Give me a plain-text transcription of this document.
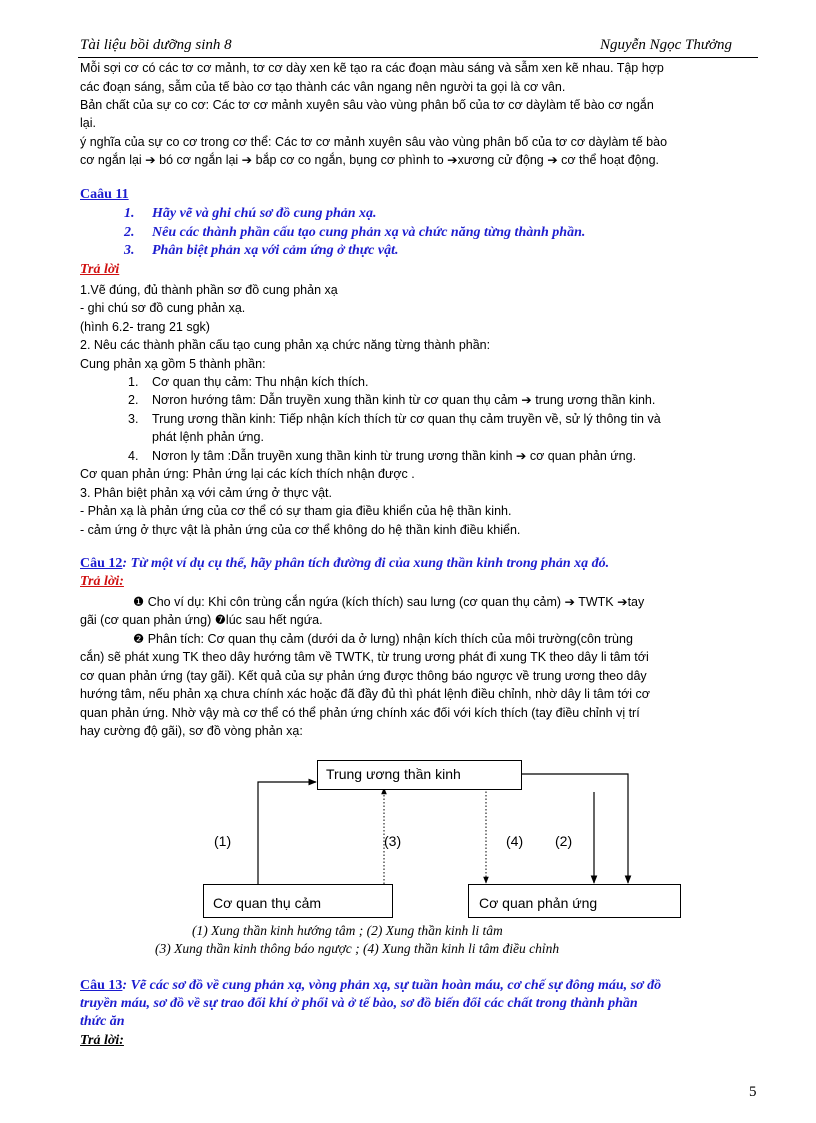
Tài liệu bồi dưỡng sinh 8	Nguyễn Ngọc Thưởng
Mỗi sợi cơ có các tơ cơ mảnh, tơ cơ dày xen kẽ tạo ra các đoạn màu sáng và sẫm xen kẽ nhau. Tập hợp
các đoạn sáng, sẫm của tế bào cơ tạo thành các vân ngang nên người ta gọi là cơ vân.
Bản chất của sự co cơ: Các tơ cơ mảnh xuyên sâu vào vùng phân bố của tơ cơ dàylàm tế bào cơ ngắn
lại.
ý nghĩa của sự co cơ trong cơ thể: Các tơ cơ mảnh xuyên sâu vào vùng phân bố của tơ cơ dàylàm tế bào
cơ ngắn lại ➔ bó cơ ngắn lại ➔ bắp cơ co ngắn, bụng cơ phình to ➔xương cử động ➔ cơ thể hoạt động.
Caâu 11
1. Hãy vẽ và ghi chú sơ đồ cung phản xạ.
2. Nêu các thành phần cấu tạo cung phản xạ và chức năng từng thành phần.
3. Phân biệt phản xạ với cảm ứng ở thực vật.
Trả lời
1.Vẽ đúng, đủ thành phần sơ đồ cung phản xạ
- ghi chú sơ đồ cung phản xạ.
(hình 6.2- trang 21 sgk)
2. Nêu các thành phần cấu tạo cung phản xạ chức năng từng thành phần:
Cung phản xạ gồm 5 thành phần:
1. Cơ quan thụ cảm: Thu nhận kích thích.
2. Nơron hướng tâm: Dẫn truyền xung thần kinh từ cơ quan thụ cảm ➔ trung ương thần kinh.
3. Trung ương thần kinh: Tiếp nhận kích thích từ cơ quan thụ cảm truyền về, sử lý thông tin và
phát lệnh phản ứng.
4. Nơron ly tâm :Dẫn truyền xung thần kinh từ trung ương thần kinh ➔ cơ quan phản ứng.
Cơ quan phản ứng: Phản ứng lại các kích thích nhận được .
3. Phân biệt phản xạ với cảm ứng ở thực vật.
- Phản xạ là phản ứng của cơ thể có sự tham gia điều khiển của hệ thần kinh.
- cảm ứng ở thực vật là phản ứng của cơ thể không do hệ thần kinh điều khiển.
Câu 12: Từ một ví dụ cụ thể, hãy phân tích đường đi của xung thần kinh trong phản xạ đó.
Trả lời:
❶ Cho ví dụ: Khi côn trùng cắn ngứa (kích thích) sau lưng (cơ quan thụ cảm) ➔ TWTK ➔tay
gãi (cơ quan phản ứng) ❼lúc sau hết ngứa.
❷ Phân tích: Cơ quan thụ cảm (dưới da ở lưng) nhận kích thích của môi trường(côn trùng
cắn) sẽ phát xung TK theo dây hướng tâm về TWTK, từ trung ương phát đi xung TK theo dây li tâm tới
cơ quan phản ứng (tay gãi). Kết quả của sự phản ứng được thông báo ngược về trung ương theo dây
hướng tâm, nếu phản xạ chưa chính xác hoặc đã đầy đủ thì phát lệnh điều chỉnh, nhờ dây li tâm tới cơ
quan phản ứng. Nhờ vậy mà cơ thể có thể phản ứng chính xác đối với kích thích (tay điều chỉnh vị trí
hay cường độ gãi), sơ đồ vòng phản xạ:
(1)	(3)	(4) (2)
Trung ương thần kinh
Cơ quan thụ cảm	Cơ quan phản ứng
(1) Xung thần kinh hướng tâm ; (2) Xung thần kinh li tâm
(3) Xung thần kinh thông báo ngược ; (4) Xung thần kinh li tâm điều chỉnh
Câu 13: Vẽ các sơ đồ về cung phản xạ, vòng phản xạ, sự tuần hoàn máu, cơ chế sự đông máu, sơ đồ
truyền máu, sơ đồ về sự trao đổi khí ở phổi và ở tế bào, sơ đồ biến đổi các chất trong thành phần
thức ăn
Trả lời:
5
